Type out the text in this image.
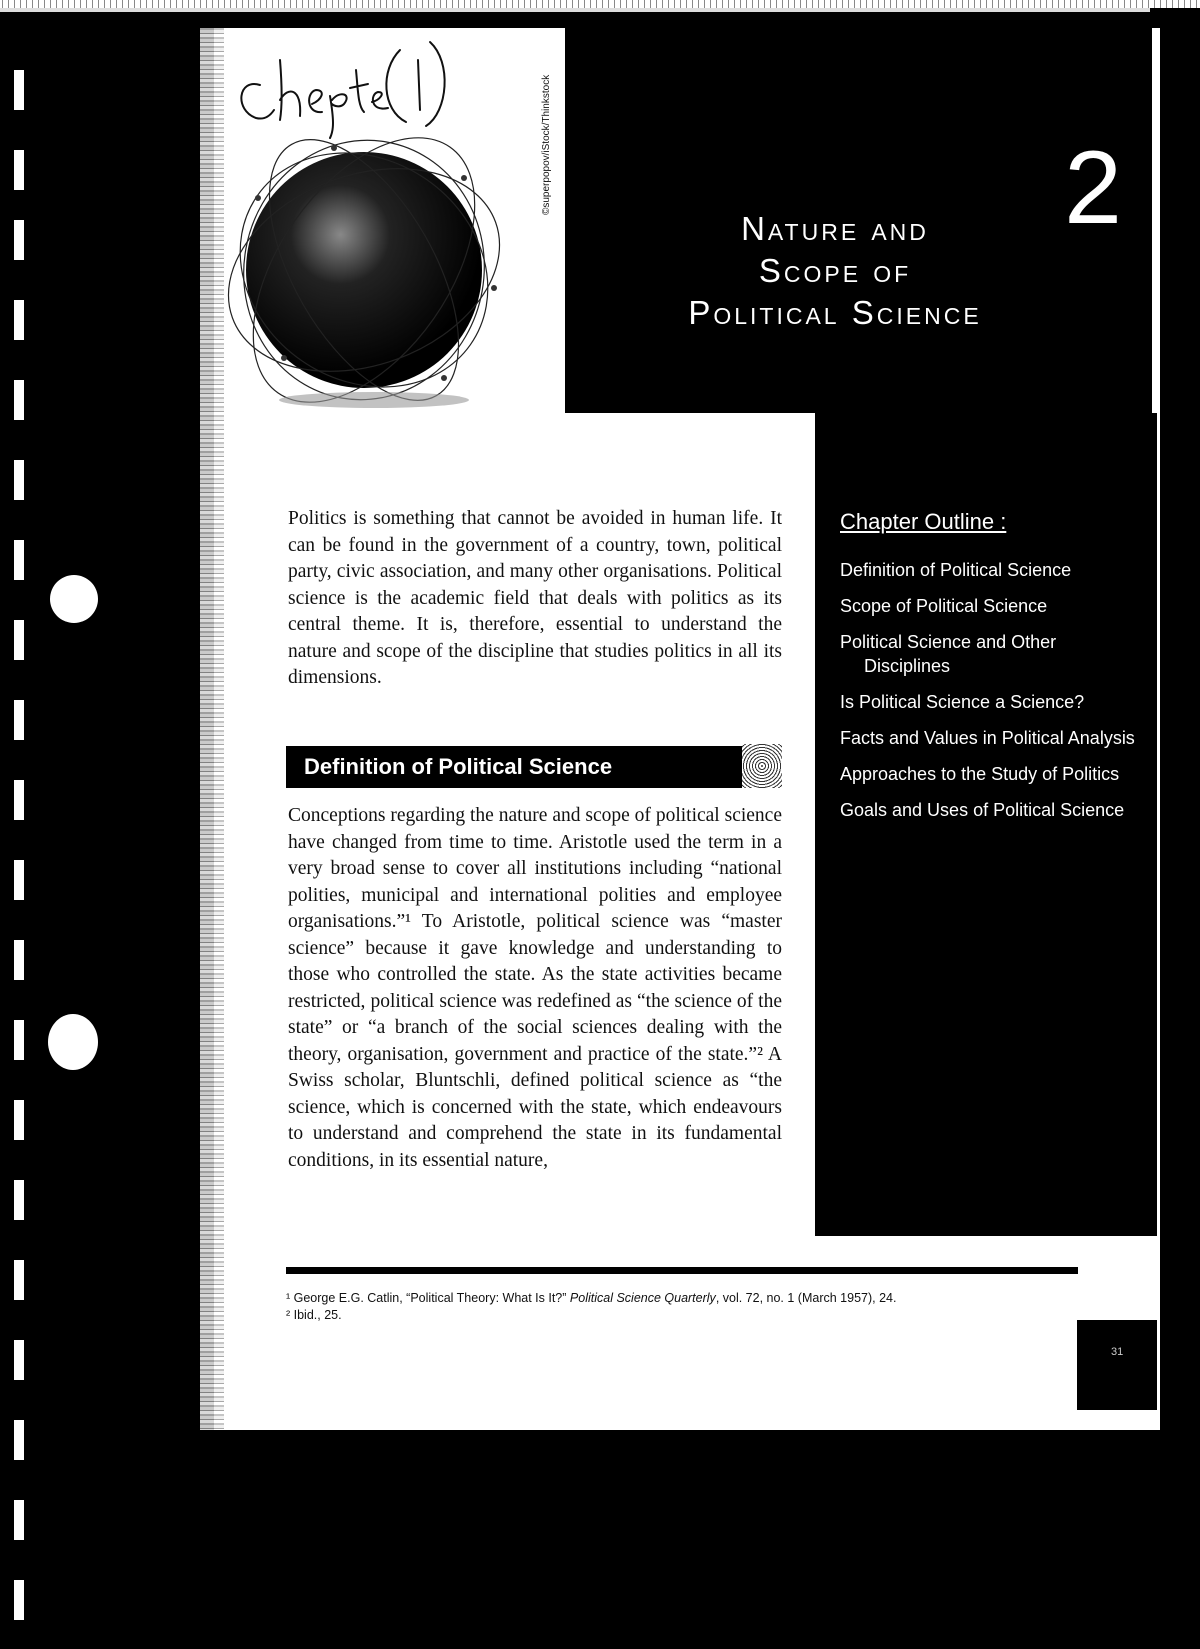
Chapter (1
©superpopov/iStock/Thinkstock	2
Nature and
Scope of
Political Science
Chapter Outline :
Definition of Political Science
Scope of Political Science
Political Science and Other Disciplines
Is Political Science a Science?
Facts and Values in Political Analysis
Approaches to the Study of Politics
Goals and Uses of Political Science

Politics is something that cannot be avoided in human life. It can be found in the government of a country, town, political party, civic association, and many other organisations. Political science is the academic field that deals with politics as its central theme. It is, therefore, essential to understand the nature and scope of the discipline that studies politics in all its dimensions.

Definition of Political Science

Conceptions regarding the nature and scope of political science have changed from time to time. Aristotle used the term in a very broad sense to cover all institutions including “national polities, municipal and international polities and employee organisations.”¹ To Aristotle, political science was “master science” because it gave knowledge and understanding to those who controlled the state. As the state activities became restricted, political science was redefined as “the science of the state” or “a branch of the social sciences dealing with the theory, organisation, government and practice of the state.”² A Swiss scholar, Bluntschli, defined political science as “the science, which is concerned with the state, which endeavours to understand and comprehend the state in its fundamental conditions, in its essential nature,

¹ George E.G. Catlin, “Political Theory: What Is It?” Political Science Quarterly, vol. 72, no. 1 (March 1957), 24.

² Ibid., 25.

31
